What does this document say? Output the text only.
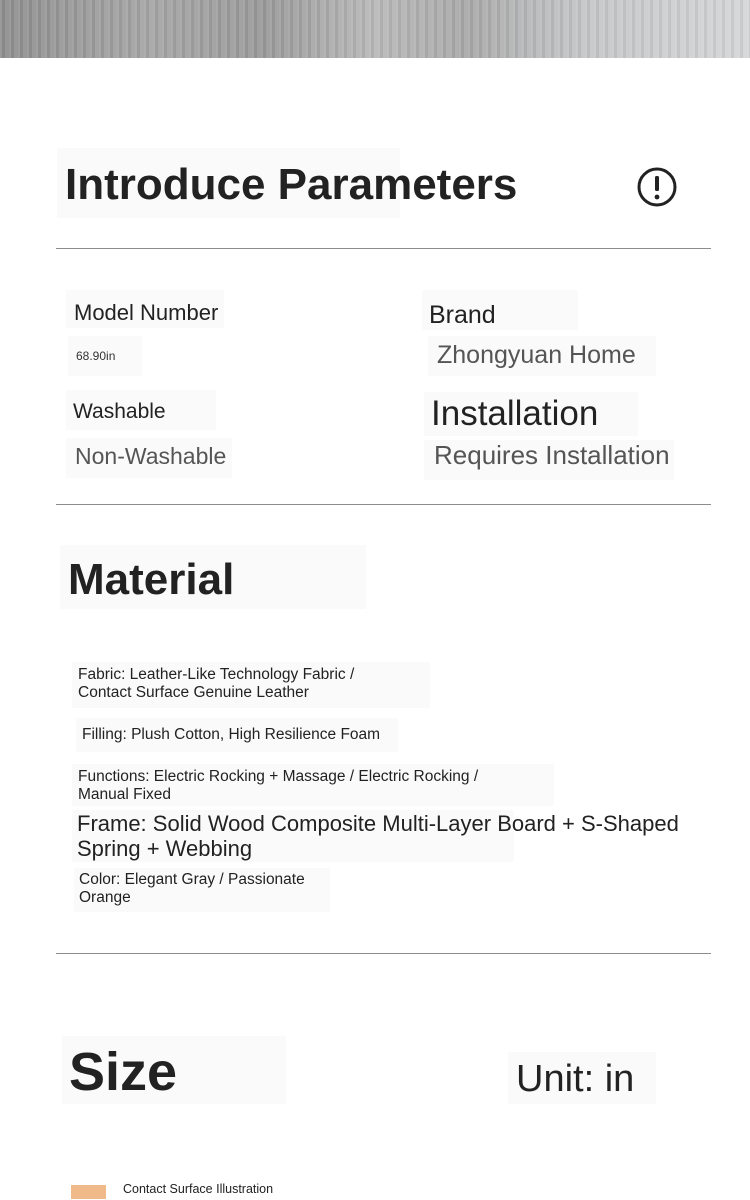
Introduce Parameters
Model Number
68.90in
Brand
Zhongyuan Home
Washable
Non-Washable
Installation
Requires Installation
Material
Fabric: Leather-Like Technology Fabric /
Contact Surface Genuine Leather
Filling: Plush Cotton, High Resilience Foam
Functions: Electric Rocking + Massage / Electric Rocking /
Manual Fixed
Frame: Solid Wood Composite Multi-Layer Board + S-Shaped
Spring + Webbing
Color: Elegant Gray / Passionate
Orange
Size	Unit: in
Contact Surface Illustration
